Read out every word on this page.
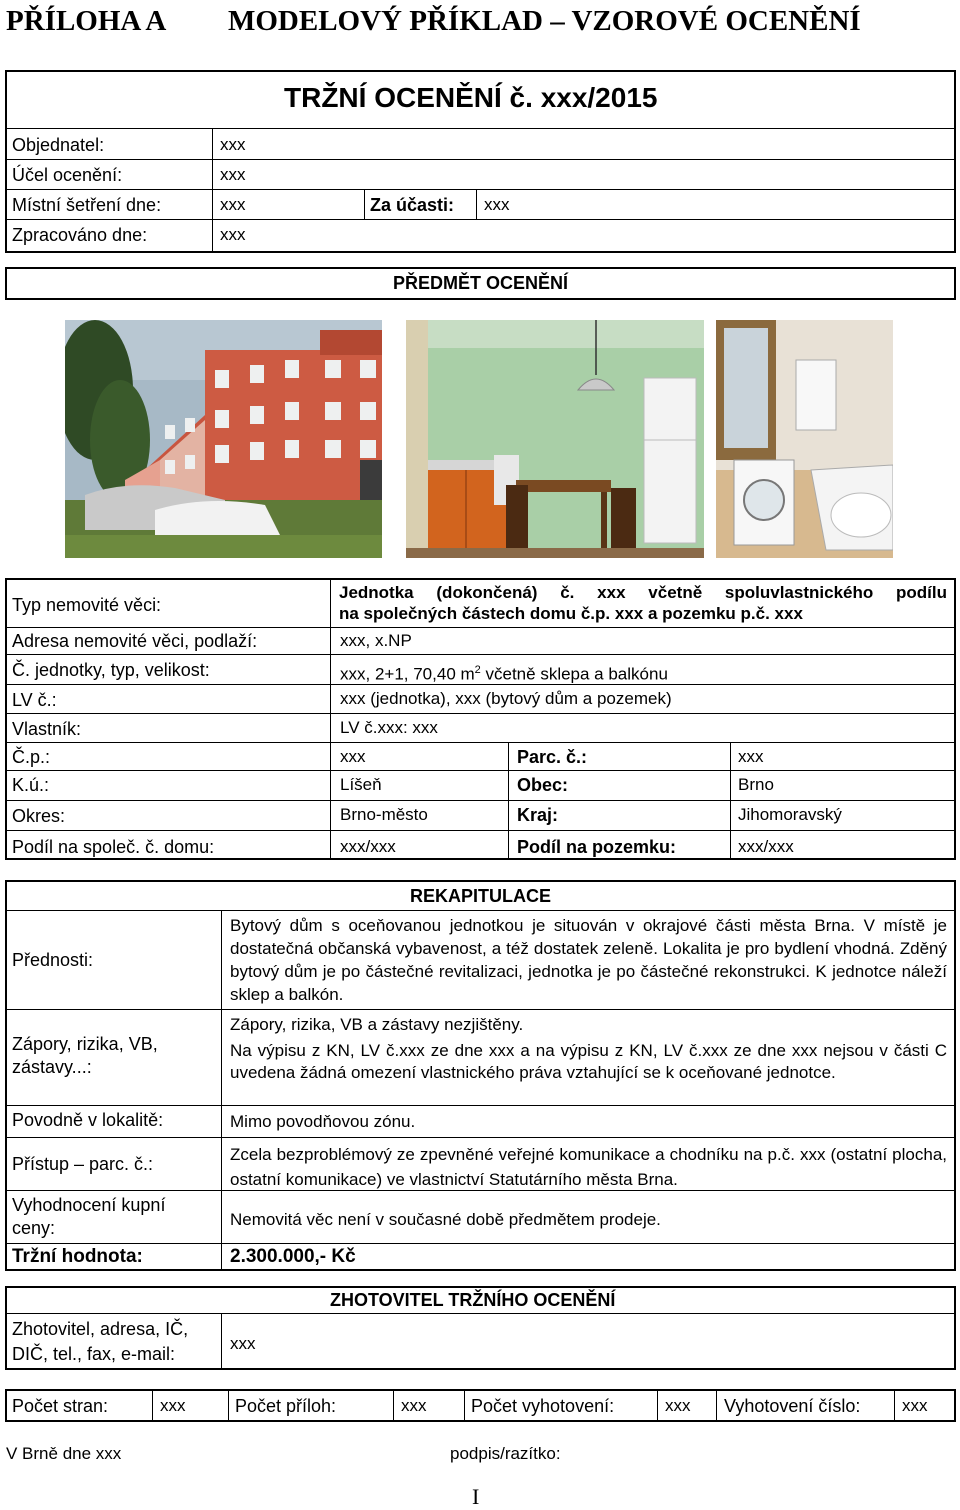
PŘÍLOHA A MODELOVÝ PŘÍKLAD – VZOROVÉ OCENĚNÍ
TRŽNÍ OCENĚNÍ č. xxx/2015
Objednatel:	xxx
Účel ocenění:	xxx
Místní šetření dne:	xxx	Za účasti: xxx
Zpracováno dne:	xxx
PŘEDMĚT OCENĚNÍ
Typ nemovité věci:
Jednotka (dokončená) č. xxx včetně spoluvlastnického podílu
na společných částech domu č.p. xxx a pozemku p.č. xxx
Adresa nemovité věci, podlaží:	xxx, x.NP
Č. jednotky, typ, velikost:	xxx, 2+1, 70,40 $m^2$ včetně sklepa a balkónu
LV č.:	xxx (jednotka), xxx (bytový dům a pozemek)
Vlastník:	LV č.xxx: xxx
Č.p.:	xxx	Parc. č.:	xxx
K.ú.:	Líšeň	Obec:	Brno
Okres:	Brno-město	Kraj:	Jihomoravský
Podíl na společ. č. domu:	xxx/xxx	Podíl na pozemku:	xxx/xxx
REKAPITULACE
Přednosti:
Bytový dům s oceňovanou jednotkou je situován v okrajové části města Brna. V místě je dostatečná občanská vybavenost, a též dostatek zeleně. Lokalita je pro bydlení vhodná. Zděný bytový dům je po částečné revitalizaci, jednotka je po částečné rekonstrukci. K jednotce náleží sklep a balkón.
Zápory, rizika, VB, zástavy...:
Zápory, rizika, VB a zástavy nezjištěny.
Na výpisu z KN, LV č.xxx ze dne xxx a na výpisu z KN, LV č.xxx ze dne xxx nejsou v části C uvedena žádná omezení vlastnického práva vztahující se k oceňované jednotce.
Povodně v lokalitě:	Mimo povodňovou zónu.
Přístup – parc. č.:	Zcela bezproblémový ze zpevněné veřejné komunikace a chodníku na p.č. xxx (ostatní plocha, ostatní komunikace) ve vlastnictví Statutárního města Brna.
Vyhodnocení kupní ceny:	Nemovitá věc není v současné době předmětem prodeje.
Tržní hodnota:	2.300.000,- Kč
ZHOTOVITEL TRŽNÍHO OCENĚNÍ
Zhotovitel, adresa, IČ, DIČ, tel., fax, e-mail:
xxx
Počet stran:	xxx	Počet příloh:	xxx Počet vyhotovení:	xxx Vyhotovení číslo: xxx
V Brně dne xxx	podpis/razítko:
I
